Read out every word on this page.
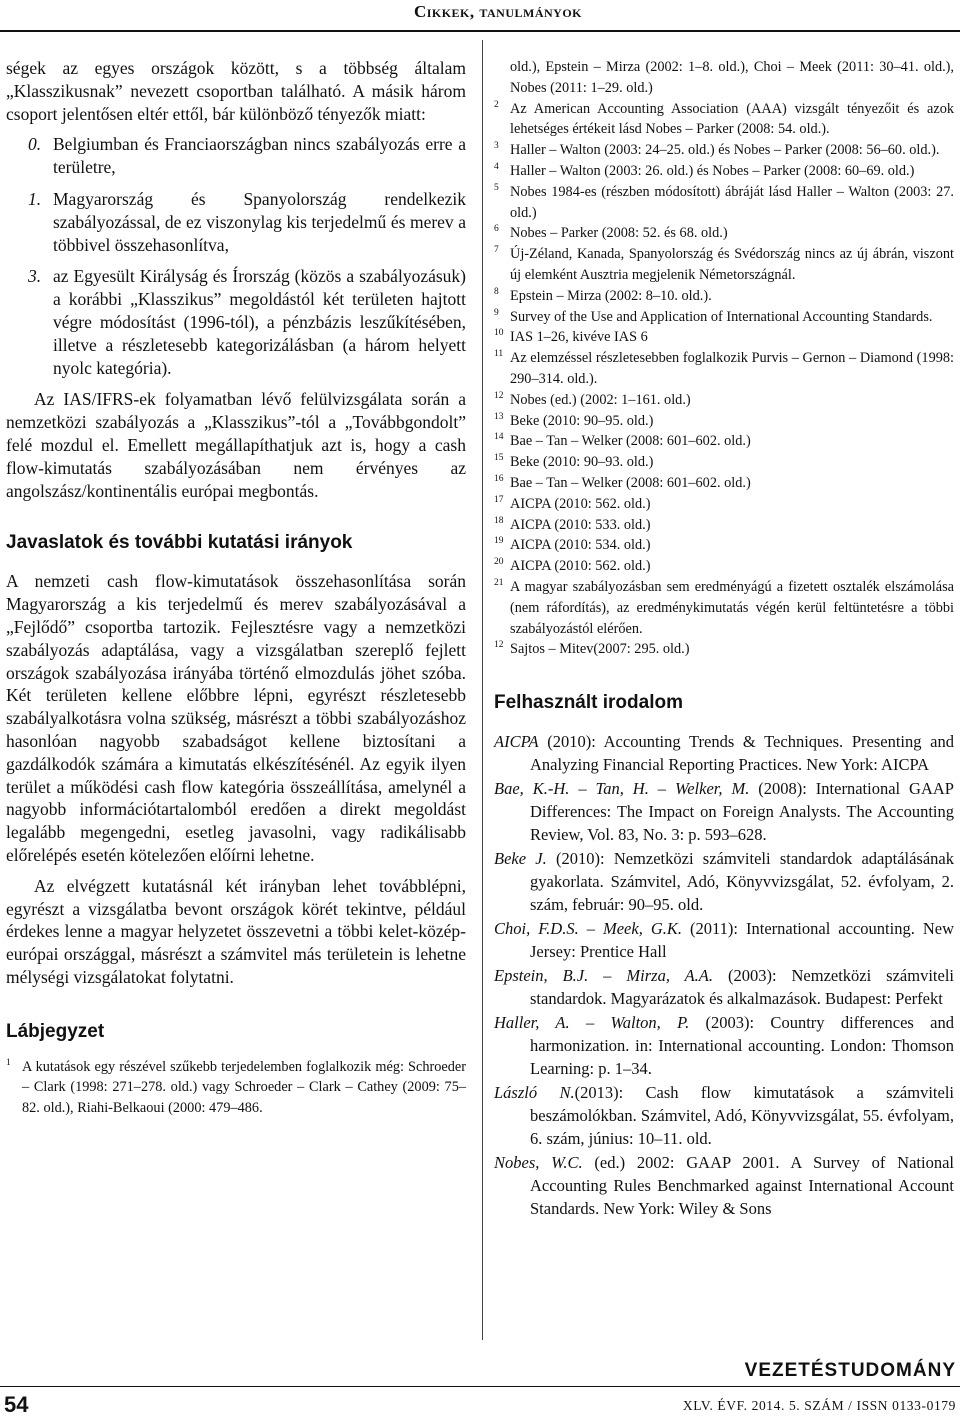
Cikkek, tanulmányok

ségek az egyes országok között, s a többség általam „Klasszikusnak” nevezett csoportban található. A másik három csoport jelentősen eltér ettől, bár különböző tényezők miatt:

0. Belgiumban és Franciaországban nincs szabályozás erre a területre,
1. Magyarország és Spanyolország rendelkezik szabályozással, de ez viszonylag kis terjedelmű és merev a többivel összehasonlítva,
3. az Egyesült Királyság és Írország (közös a szabályozásuk) a korábbi „Klasszikus” megoldástól két területen hajtott végre módosítást (1996-tól), a pénzbázis leszűkítésében, illetve a részletesebb kategorizálásban (a három helyett nyolc kategória).

Az IAS/IFRS-ek folyamatban lévő felülvizsgálata során a nemzetközi szabályozás a „Klasszikus”-tól a „Továbbgondolt” felé mozdul el. Emellett megállapíthatjuk azt is, hogy a cash flow-kimutatás szabályozásában nem érvényes az angolszász/kontinentális európai megbontás.

Javaslatok és további kutatási irányok

A nemzeti cash flow-kimutatások összehasonlítása során Magyarország a kis terjedelmű és merev szabályozásával a „Fejlődő” csoportba tartozik. Fejlesztésre vagy a nemzetközi szabályozás adaptálása, vagy a vizsgálatban szereplő fejlett országok szabályozása irányába történő elmozdulás jöhet szóba. Két területen kellene előbbre lépni, egyrészt részletesebb szabályalkotásra volna szükség, másrészt a többi szabályozáshoz hasonlóan nagyobb szabadságot kellene biztosítani a gazdálkodók számára a kimutatás elkészítésénél. Az egyik ilyen terület a működési cash flow kategória összeállítása, amelynél a nagyobb információtartalomból eredően a direkt megoldást legalább megengedni, esetleg javasolni, vagy radikálisabb előrelépés esetén kötelezően előírni lehetne.

Az elvégzett kutatásnál két irányban lehet továbblépni, egyrészt a vizsgálatba bevont országok körét tekintve, például érdekes lenne a magyar helyzetet összevetni a többi kelet-közép-európai országgal, másrészt a számvitel más területein is lehetne mélységi vizsgálatokat folytatni.

Lábjegyzet
1 A kutatások egy részével szűkebb terjedelemben foglalkozik még: Schroeder – Clark (1998: 271–278. old.) vagy Schroeder – Clark – Cathey (2009: 75–82. old.), Riahi-Belkaoui (2000: 479–486.
old.), Epstein – Mirza (2002: 1–8. old.), Choi – Meek (2011: 30–41. old.), Nobes (2011: 1–29. old.)
2 Az American Accounting Association (AAA) vizsgált tényezőit és azok lehetséges értékeit lásd Nobes – Parker (2008: 54. old.).
3 Haller – Walton (2003: 24–25. old.) és Nobes – Parker (2008: 56–60. old.).
4 Haller – Walton (2003: 26. old.) és Nobes – Parker (2008: 60–69. old.)
5 Nobes 1984-es (részben módosított) ábráját lásd Haller – Walton (2003: 27. old.)
6 Nobes – Parker (2008: 52. és 68. old.)
7 Új-Zéland, Kanada, Spanyolország és Svédország nincs az új ábrán, viszont új elemként Ausztria megjelenik Németországnál.
8 Epstein – Mirza (2002: 8–10. old.).
9 Survey of the Use and Application of International Accounting Standards.
10 IAS 1–26, kivéve IAS 6
11 Az elemzéssel részletesebben foglalkozik Purvis – Gernon – Diamond (1998: 290–314. old.).
12 Nobes (ed.) (2002: 1–161. old.)
13 Beke (2010: 90–95. old.)
14 Bae – Tan – Welker (2008: 601–602. old.)
15 Beke (2010: 90–93. old.)
16 Bae – Tan – Welker (2008: 601–602. old.)
17 AICPA (2010: 562. old.)
18 AICPA (2010: 533. old.)
19 AICPA (2010: 534. old.)
20 AICPA (2010: 562. old.)
21 A magyar szabályozásban sem eredményágú a fizetett osztalék elszámolása (nem ráfordítás), az eredménykimutatás végén kerül feltüntetésre a többi szabályozástól elérően.
12 Sajtos – Mitev(2007: 295. old.)
Felhasznált irodalom
AICPA (2010): Accounting Trends & Techniques. Presenting and Analyzing Financial Reporting Practices. New York: AICPA
Bae, K.-H. – Tan, H. – Welker, M. (2008): International GAAP Differences: The Impact on Foreign Analysts. The Accounting Review, Vol. 83, No. 3: p. 593–628.
Beke J. (2010): Nemzetközi számviteli standardok adaptálásának gyakorlata. Számvitel, Adó, Könyvvizsgálat, 52. évfolyam, 2. szám, február: 90–95. old.
Choi, F.D.S. – Meek, G.K. (2011): International accounting. New Jersey: Prentice Hall
Epstein, B.J. – Mirza, A.A. (2003): Nemzetközi számviteli standardok. Magyarázatok és alkalmazások. Budapest: Perfekt
Haller, A. – Walton, P. (2003): Country differences and harmonization. in: International accounting. London: Thomson Learning: p. 1–34.
László N.(2013): Cash flow kimutatások a számviteli beszámolókban. Számvitel, Adó, Könyvvizsgálat, 55. évfolyam, 6. szám, június: 10–11. old.
Nobes, W.C. (ed.) 2002: GAAP 2001. A Survey of National Accounting Rules Benchmarked against International Account Standards. New York: Wiley & Sons
VEZETÉSTUDOMÁNY
54	XLV. ÉVF. 2014. 5. SZÁM / ISSN 0133-0179
